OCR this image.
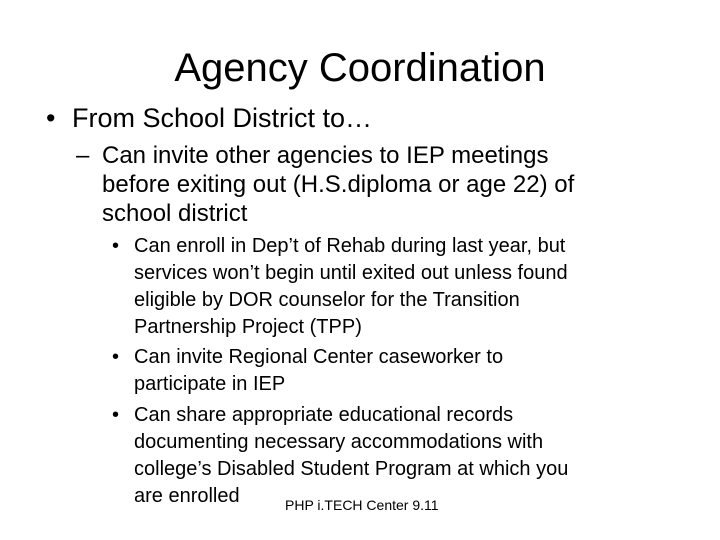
Agency Coordination
• From School District to…
– Can invite other agencies to IEP meetings
before exiting out (H.S.diploma or age 22) of
school district
• Can enroll in Dep’t of Rehab during last year, but
services won’t begin until exited out unless found
eligible by DOR counselor for the Transition
Partnership Project (TPP)
• Can invite Regional Center caseworker to
participate in IEP
• Can share appropriate educational records
documenting necessary accommodations with
college’s Disabled Student Program at which you
are enrolled	PHP i.TECH Center 9.11
